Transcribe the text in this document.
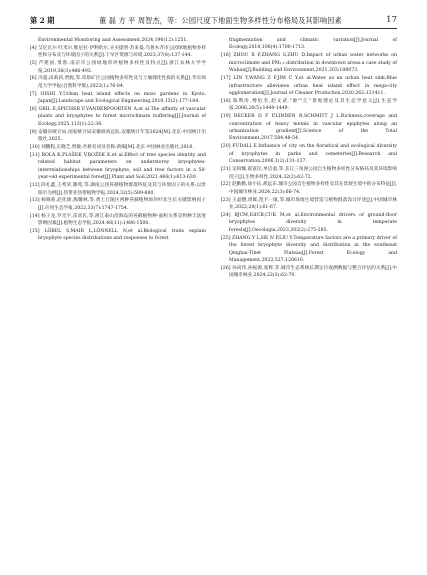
第 2 期	董 磊 方 平 周智杰，等：公园尺度下地面生物多样性分布格局及其影响因素	17

Environmental Monitoring and Assessment,2024,196(12):1251.

[4] 艾尼瓦尔·吐米尔,维尼拉·伊利哈尔,买买提明·苏来曼.乌鲁木齐市公园绿地植物多样性和分布及与环境因子的关系[J].干旱区资源与环境,2023,37(8):137-144.

[5] 芦建国,景蓉.南京市公园绿地草坪植物多样性及特点[J].浙江农林大学学报,2019,36(3):486-493.

[6] 冯超,田莉莉,贾妮,等.草原矿区公园植物多样性及与土壤理化性质的关系[J].华东师范大学学报(自然科学版),2022(1):76-84.

[7] OISHI Y.Urban heat island effects on moss gardens in Kyoto, Japan[J].Landscape and Ecological Engineering,2019,15(2):177-184.

[8] GRIL E,SPICHER F,VANDERPOORTEN A,et al.The affinity of vascular plants and bryophytes to forest microclimate buffering[J].Journal of Ecology,2025,113(1):22-38.

[9] 安徽省统计局,国家统计局安徽调查总队.安徽统计年鉴2024[M].北京:中国统计出版社,2025.

[10] 刘鹏程,庄晓芝,贾敏.吾桥名词及名称:新编[M].北京:中国林业出版社,2016.

[11] ROLA K,PLÁŠEK V,ROŽEK K,et al.Effect of tree species identity and related habitat parameters on understorey bryophytes-interrelationships between bryophyte, soil and tree factors in a 50-year-old experimental forest[J].Plant and Soil,2021,466(1):613-630.

[12] 段礼鑫,王秀荣,滕苑,等.湖南公园苔藓植物群落特征及其与环境因子的关系:以贵阳市为例[J].热带亚热带植物学报,2024,32(5):589-600.

[13] 杨晓莉,赵化锦,熊耀林,等.黄土丘陵区两种苔藓植物斑块叶状生长关键影响因子[J].应用生态学报,2022,33(7):1747-1754.

[14] 杨子龙,罗光宇,雷富民,等.浙江泰山沿海岛的苔藓植物种-面积关系及物种丰富度影响因素[J].植物生态学报,2024,48(11):1486-1500.

[15] LÖBEL S,MAIR L,LÖNNELL N,et al.Biological traits explain bryophyte species distributions and responses to forest

fragmentation and climatic variation[J].Journal of Ecology,2018,106(4):1700-1713.

[16] ZHOU X F,ZHANG S,ZHU D.Impact of urban water networks on microclimate and PM₂.₅ distribution in downtown areas:a case study of Wuhan[J].Building and Environment,2021,203:108073.

[17] LIN Y,WANG Z F,JIM C Y,et al.Water as an urban heat sink:Blue infrastructure alleviates urban heat island effect in mega-city agglomeration[J].Journal of Cleaner Production,2020,262:121411.

[18] 陈利涛,傅伯杰,赵文武."源""汇"景观理论及其生态学意义[J].生态学报,2006,26(5):1444-1449.

[19] BECKER D F P,LINDEN R,SCHMITT J L.Richness,coverage and concentration of heavy metals in vascular epiphytes along an urbanization gradient[J].Science of the Total Environment,2017,584,48-54.

[20] FUDALI E.Influence of city on the floristical and ecological diversity of bryophytes in parks and cemeteries[J].Research and Conservation,2006,1(2):131-137.

[21] 吴柏臻,霍富民,单启童,等.长江三角洲公园自生植物多样性分布格局及其环境影响因子[J].生物多样性,2024,32(2):62-72.

[22] 赵勤勤,徐小钰,胡远东.城市公园自生植物多样性及其在景观生境中的分布特征[J].中国城市林业,2024,22(3):66-74.

[23] 王晶懋,周晖,范卡一康,等.城市场地生境营造与植物群落设计评述[J].中国城市林业,2022,20(1):61-67.

[24] BJCM,IGICR,CUK M,et al.Environmental drivers of ground-floor bryophytes diversity in temperate forests[J].Oecologia,2023,202(2):275-285.

[25] ZHANG Y L,HE N P,LIU Y.Temperature factors are a primary driver of the forest bryophyte diversity and distribution in the southeast Qinghai-Tibet Plateau[J].Forest Ecology and Management,2023,527:120610.

[26] 孙尚伟,孙振源,张辉,等.城市生态系统长期定位观测数据与整合评估的关系[J].中国城市林业,2024,22(3):62-70.
